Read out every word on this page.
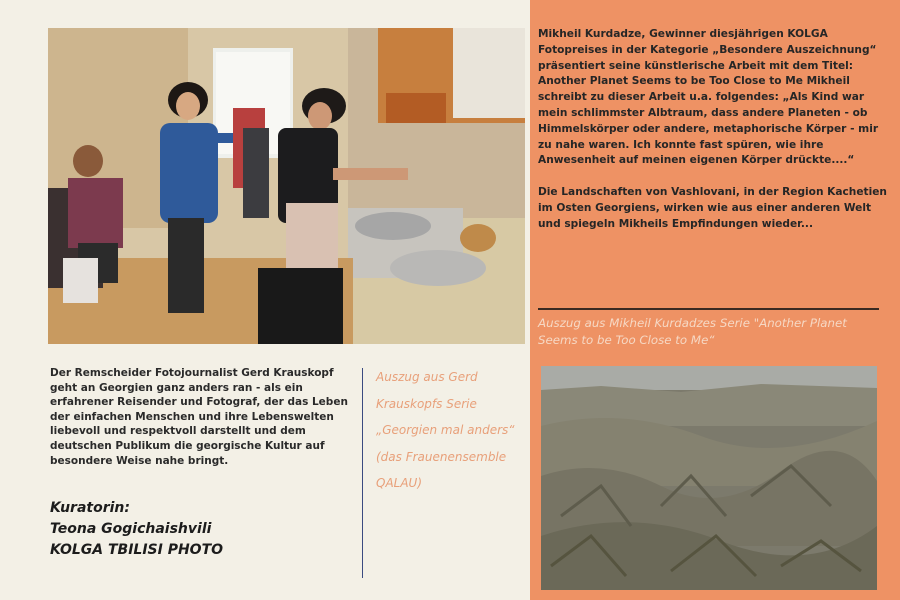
Der Remscheider Fotojournalist Gerd Krauskopf geht an Georgien ganz anders ran - als ein erfahrener Reisender und Fotograf, der das Leben der einfachen Menschen und ihre Lebenswelten liebevoll und respektvoll darstellt und dem deutschen Publikum die georgische Kultur auf besondere Weise nahe bringt.
Kuratorin:
Teona Gogichaishvili
KOLGA TBILISI PHOTO
Auszug aus Gerd Krauskopfs Serie „Georgien mal anders“ (das Frauenensemble QALAU)

Mikheil Kurdadze, Gewinner diesjährigen KOLGA Fotopreises in der Kategorie „Besondere Auszeichnung“ präsentiert seine künstlerische Arbeit mit dem Titel: Another Planet Seems to be Too Close to Me Mikheil schreibt zu dieser Arbeit u.a. folgendes: „Als Kind war mein schlimmster Albtraum, dass andere Planeten - ob Himmelskörper oder andere, metaphorische Körper - mir zu nahe waren. Ich konnte fast spüren, wie ihre Anwesenheit auf meinen eigenen Körper drückte....“

Die Landschaften von Vashlovani, in der Region Kachetien im Osten Georgiens, wirken wie aus einer anderen Welt und spiegeln Mikheils Empfindungen wieder...

Auszug aus Mikheil Kurdadzes Serie "Another Planet Seems to be Too Close to Me“
